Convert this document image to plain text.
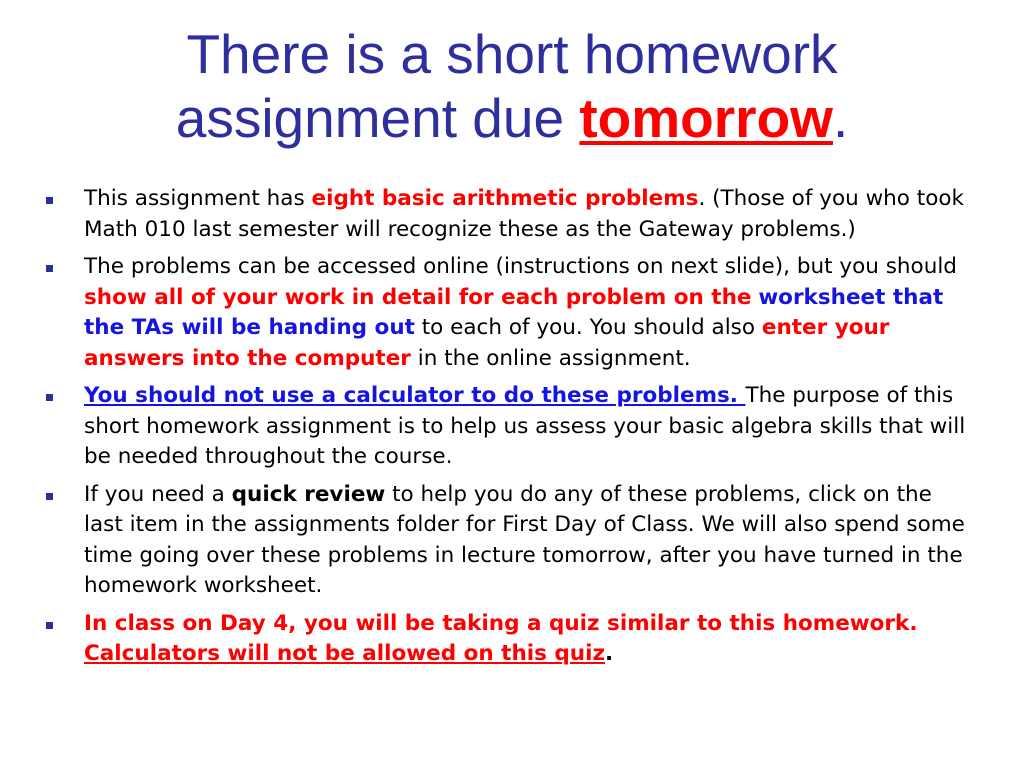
There is a short homework
assignment due tomorrow.
This assignment has eight basic arithmetic problems. (Those of you who took Math 010 last semester will recognize these as the Gateway problems.)
The problems can be accessed online (instructions on next slide), but you should show all of your work in detail for each problem on the worksheet that the TAs will be handing out to each of you. You should also enter your answers into the computer in the online assignment.
You should not use a calculator to do these problems. The purpose of this short homework assignment is to help us assess your basic algebra skills that will be needed throughout the course.
If you need a quick review to help you do any of these problems, click on the last item in the assignments folder for First Day of Class. We will also spend some time going over these problems in lecture tomorrow, after you have turned in the homework worksheet.
In class on Day 4, you will be taking a quiz similar to this homework. Calculators will not be allowed on this quiz.
